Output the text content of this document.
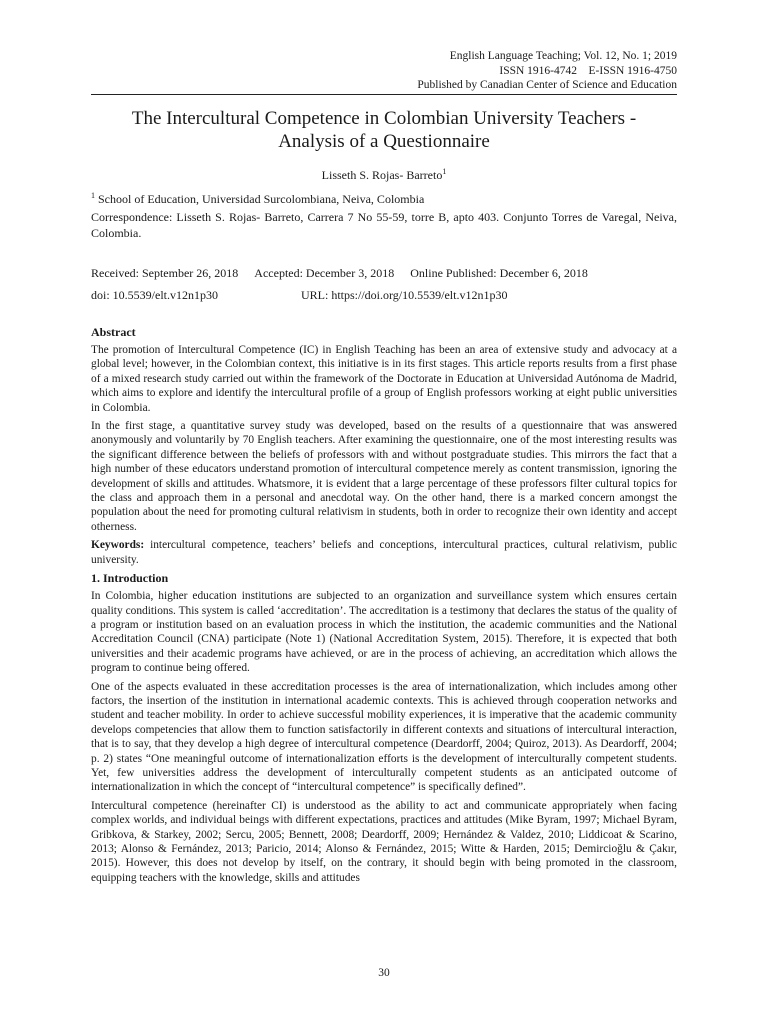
English Language Teaching; Vol. 12, No. 1; 2019
ISSN 1916-4742    E-ISSN 1916-4750
Published by Canadian Center of Science and Education
The Intercultural Competence in Colombian University Teachers -
Analysis of a Questionnaire
Lisseth S. Rojas- Barreto$^1$
$^1$ School of Education, Universidad Surcolombiana, Neiva, Colombia
Correspondence: Lisseth S. Rojas- Barreto, Carrera 7 No 55-59, torre B, apto 403. Conjunto Torres de Varegal, Neiva, Colombia.
Received: September 26, 2018 Accepted: December 3, 2018 Online Published: December 6, 2018
doi: 10.5539/elt.v12n1p30	URL: https://doi.org/10.5539/elt.v12n1p30
Abstract

The promotion of Intercultural Competence (IC) in English Teaching has been an area of extensive study and advocacy at a global level; however, in the Colombian context, this initiative is in its first stages. This article reports results from a first phase of a mixed research study carried out within the framework of the Doctorate in Education at Universidad Autónoma de Madrid, which aims to explore and identify the intercultural profile of a group of English professors working at eight public universities in Colombia.

In the first stage, a quantitative survey study was developed, based on the results of a questionnaire that was answered anonymously and voluntarily by 70 English teachers. After examining the questionnaire, one of the most interesting results was the significant difference between the beliefs of professors with and without postgraduate studies. This mirrors the fact that a high number of these educators understand promotion of intercultural competence merely as content transmission, ignoring the development of skills and attitudes. Whatsmore, it is evident that a large percentage of these professors filter cultural topics for the class and approach them in a personal and anecdotal way. On the other hand, there is a marked concern amongst the population about the need for promoting cultural relativism in students, both in order to recognize their own identity and accept otherness.

Keywords: intercultural competence, teachers’ beliefs and conceptions, intercultural practices, cultural relativism, public university.

1. Introduction

In Colombia, higher education institutions are subjected to an organization and surveillance system which ensures certain quality conditions. This system is called ‘accreditation’. The accreditation is a testimony that declares the status of the quality of a program or institution based on an evaluation process in which the institution, the academic communities and the National Accreditation Council (CNA) participate (Note 1) (National Accreditation System, 2015). Therefore, it is expected that both universities and their academic programs have achieved, or are in the process of achieving, an accreditation which allows the program to continue being offered.

One of the aspects evaluated in these accreditation processes is the area of internationalization, which includes among other factors, the insertion of the institution in international academic contexts. This is achieved through cooperation networks and student and teacher mobility. In order to achieve successful mobility experiences, it is imperative that the academic community develops competencies that allow them to function satisfactorily in different contexts and situations of intercultural interaction, that is to say, that they develop a high degree of intercultural competence (Deardorff, 2004; Quiroz, 2013). As Deardorff, 2004; p. 2) states “One meaningful outcome of internationalization efforts is the development of interculturally competent students. Yet, few universities address the development of interculturally competent students as an anticipated outcome of internationalization in which the concept of “intercultural competence” is specifically defined”.

Intercultural competence (hereinafter CI) is understood as the ability to act and communicate appropriately when facing complex worlds, and individual beings with different expectations, practices and attitudes (Mike Byram, 1997; Michael Byram, Gribkova, & Starkey, 2002; Sercu, 2005; Bennett, 2008; Deardorff, 2009; Hernández & Valdez, 2010; Liddicoat & Scarino, 2013; Alonso & Fernández, 2013; Paricio, 2014; Alonso & Fernández, 2015; Witte & Harden, 2015; Demircioğlu & Çakır, 2015). However, this does not develop by itself, on the contrary, it should begin with being promoted in the classroom, equipping teachers with the knowledge, skills and attitudes

30
